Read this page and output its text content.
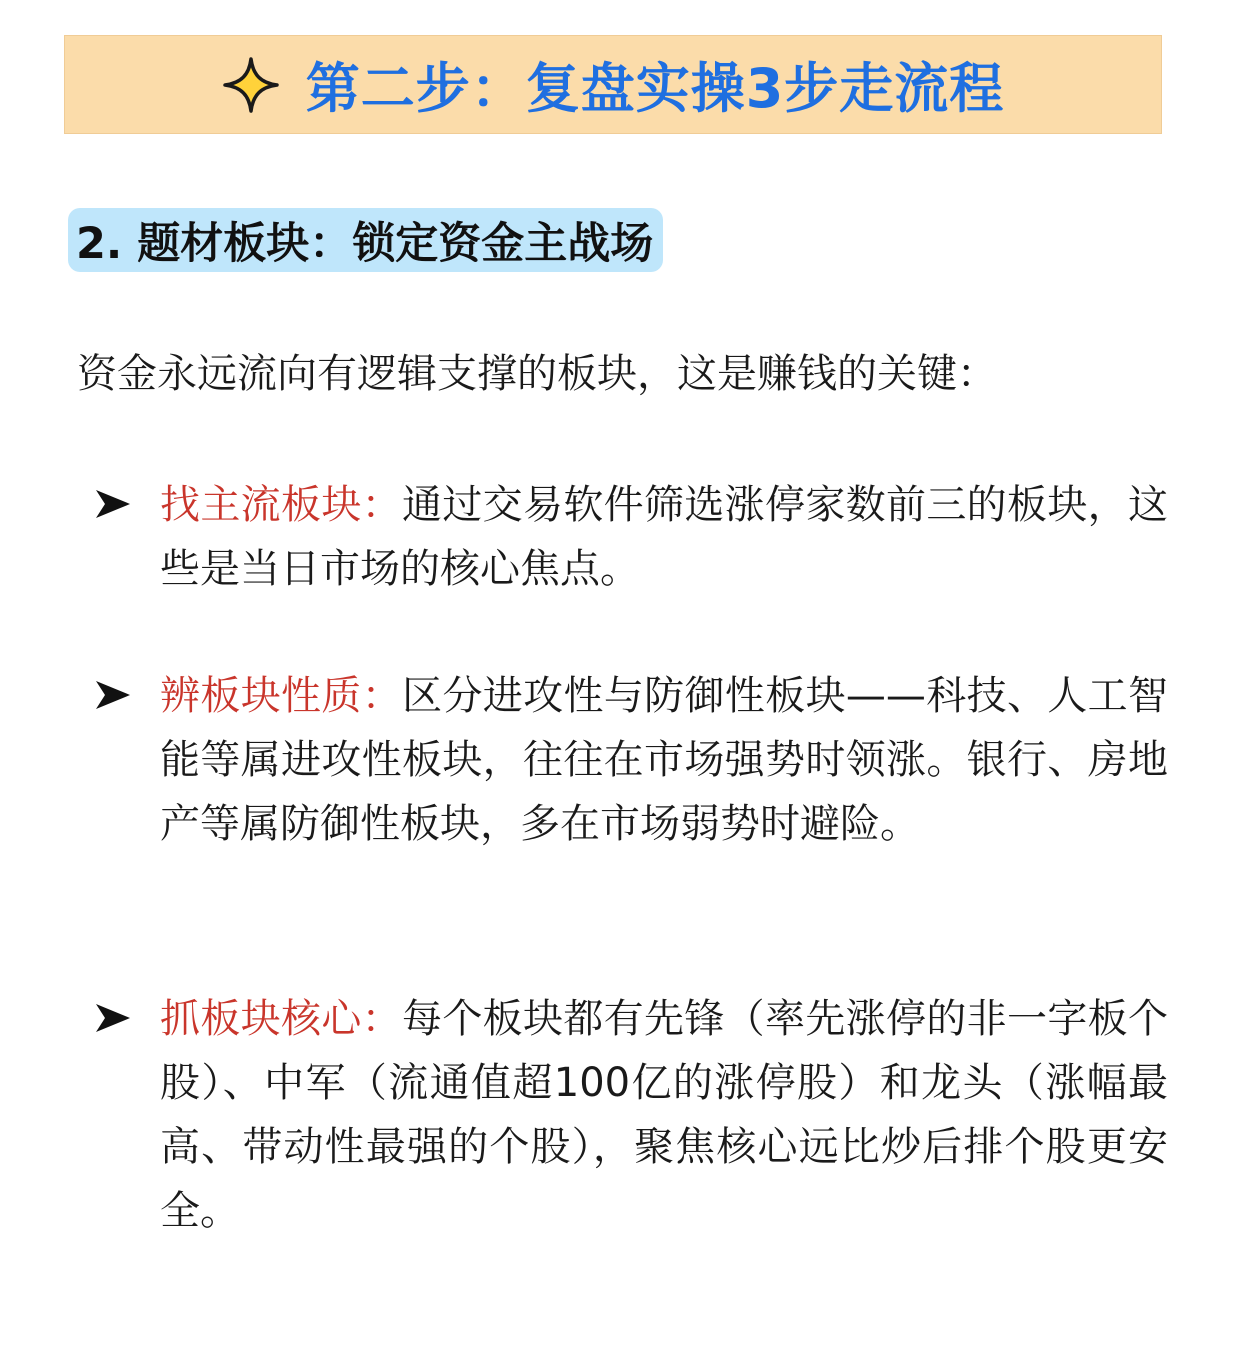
第二步：复盘实操3步走流程
2. 题材板块：锁定资金主战场
资金永远流向有逻辑支撑的板块，这是赚钱的关键：
找主流板块：通过交易软件筛选涨停家数前三的板块，这些是当日市场的核心焦点。
辨板块性质：区分进攻性与防御性板块——科技、人工智能等属进攻性板块，往往在市场强势时领涨。银行、房地产等属防御性板块，多在市场弱势时避险。
抓板块核心：每个板块都有先锋（率先涨停的非一字板个股）、中军（流通值超100亿的涨停股）和龙头（涨幅最高、带动性最强的个股），聚焦核心远比炒后排个股更安全。
